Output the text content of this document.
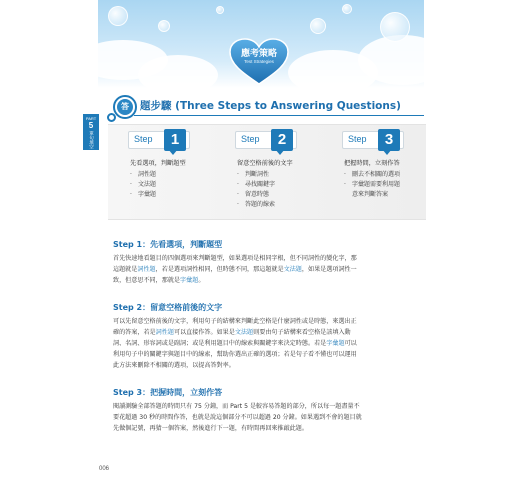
應考策略
Test Strategies
PART
5
單句填空
答	題步驟 (Three Steps to Answering Questions)
Step	1
先看選項，判斷題型
‧ 詞性題
‧ 文法題
‧ 字彙題
Step	2
留意空格前後的文字
‧ 判斷詞性
‧ 尋找關鍵字
‧ 留意時態
‧ 答題的線索
Step	3
把握時間，立刻作答
‧ 刪去不相關的選項
‧ 字彙題需要利用題
意來判斷答案
Step 1：先看選項，判斷題型
首先快速地看題目的四個選項來判斷題型，如果選項是相同字根，但不同詞性的變化字，那
這題就是詞性題，若是選項詞性相同，但時態不同，那這題就是文法題，如果是選項詞性一
致，但意思不同，那就是字彙題。
Step 2：留意空格前後的文字
可以先留意空格前後的文字，利用句子的結構來判斷此空格是什麼詞性或是時態，來選出正
確的答案，若是詞性題可以直接作答。如果是文法題則要由句子結構來看空格是該填入動
詞、名詞、形容詞或是副詞；或是利用題目中的線索與關鍵字來決定時態。若是字彙題可以
利用句子中的關鍵字與題目中的線索，幫助你選出正確的選項；若是句子看不懂也可以運用
此方法來刪除不相關的選項，以提高答對率。
Step 3：把握時間，立刻作答
閱讀測驗全部答題的時間只有 75 分鐘，而 Part 5 是較容易答題的部分，所以每一題盡量不
要花超過 30 秒的時間作答，也就是說這個部分不可以超過 20 分鐘。如果遇到不會的題目就
先做個記號，再猜一個答案，然後進行下一題，有時間再回來推敲此題。
006
